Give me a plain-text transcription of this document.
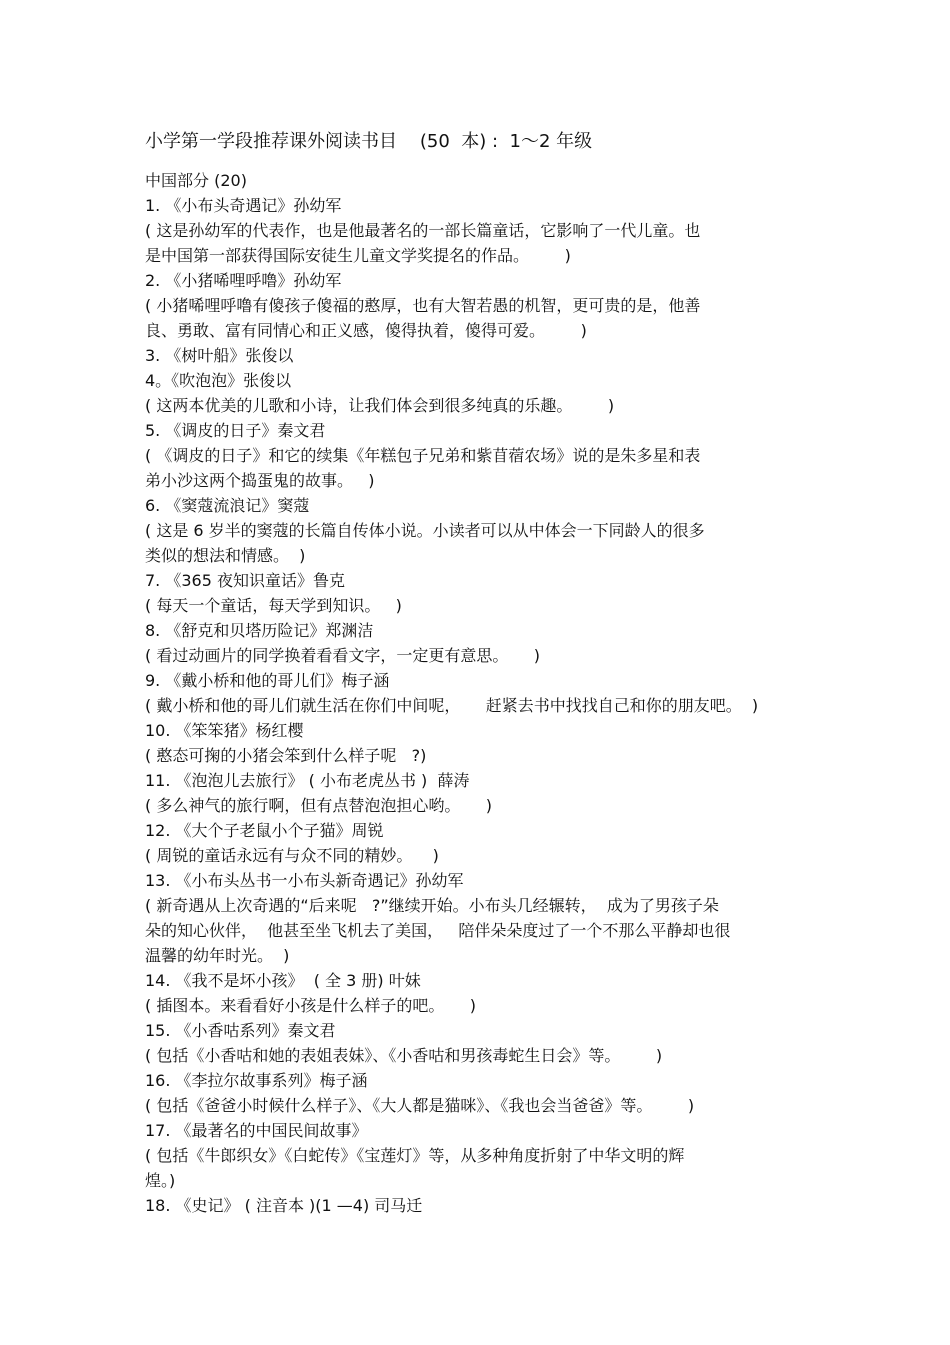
小学第一学段推荐课外阅读书目    (50  本) :  1～2 年级
中国部分 (20)
1. 《小布头奇遇记》孙幼军
( 这是孙幼军的代表作，也是他最著名的一部长篇童话，它影响了一代儿童。也
是中国第一部获得国际安徒生儿童文学奖提名的作品。       )
2. 《小猪唏哩呼噜》孙幼军
( 小猪唏哩呼噜有傻孩子傻福的憨厚，也有大智若愚的机智，更可贵的是，他善
良、勇敢、富有同情心和正义感，傻得执着，傻得可爱。       )
3. 《树叶船》张俊以
4。《吹泡泡》张俊以
( 这两本优美的儿歌和小诗，让我们体会到很多纯真的乐趣。       )
5. 《调皮的日子》秦文君
( 《调皮的日子》和它的续集《年糕包子兄弟和紫苜蓿农场》说的是朱多星和表
弟小沙这两个捣蛋鬼的故事。   )
6. 《窦蔻流浪记》窦蔻
( 这是 6 岁半的窦蔻的长篇自传体小说。小读者可以从中体会一下同龄人的很多
类似的想法和情感。  )
7. 《365 夜知识童话》鲁克
( 每天一个童话，每天学到知识。   )
8. 《舒克和贝塔历险记》郑渊洁
( 看过动画片的同学换着看看文字，一定更有意思。     )
9. 《戴小桥和他的哥儿们》梅子涵
( 戴小桥和他的哥儿们就生活在你们中间呢，     赶紧去书中找找自己和你的朋友吧。  )
10. 《笨笨猪》杨红樱
( 憨态可掬的小猪会笨到什么样子呢   ?)
11. 《泡泡儿去旅行》 ( 小布老虎丛书 )  薛涛
( 多么神气的旅行啊，但有点替泡泡担心哟。     )
12. 《大个子老鼠小个子猫》周锐
( 周锐的童话永远有与众不同的精妙。    )
13. 《小布头丛书一小布头新奇遇记》孙幼军
( 新奇遇从上次奇遇的“后来呢   ?”继续开始。小布头几经辗转，  成为了男孩子朵
朵的知心伙伴，  他甚至坐飞机去了美国，   陪伴朵朵度过了一个不那么平静却也很
温馨的幼年时光。  )
14. 《我不是坏小孩》  ( 全 3 册) 叶妹
( 插图本。来看看好小孩是什么样子的吧。     )
15. 《小香咕系列》秦文君
( 包括《小香咕和她的表姐表妹》、《小香咕和男孩毒蛇生日会》等。       )
16. 《李拉尔故事系列》梅子涵
( 包括《爸爸小时候什么样子》、《大人都是猫咪》、《我也会当爸爸》等。       )
17. 《最著名的中国民间故事》
( 包括《牛郎织女》《白蛇传》《宝莲灯》等，从多种角度折射了中华文明的辉
煌。)
18. 《史记》 ( 注音本 )(1 —4) 司马迁
